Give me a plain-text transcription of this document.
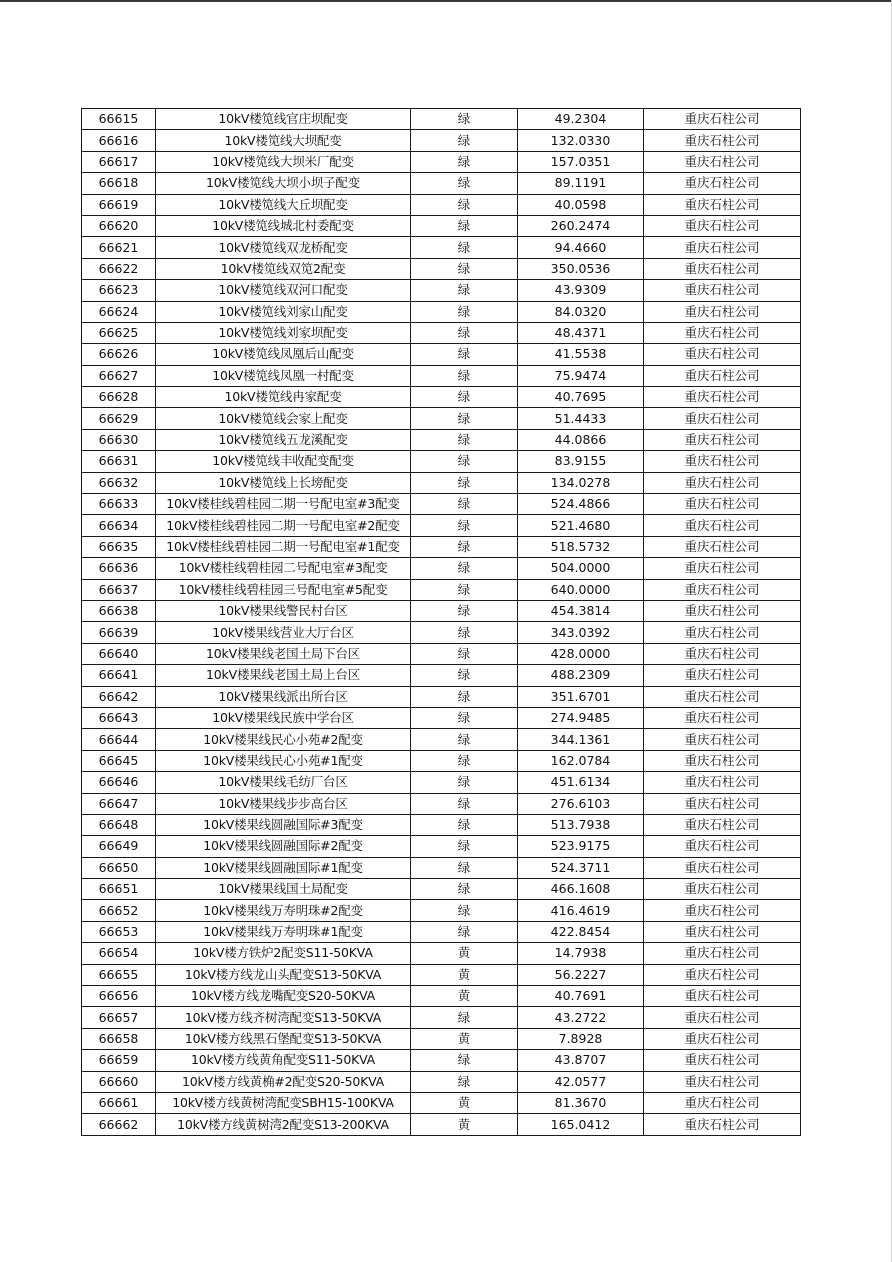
66615	10kV楼笕线官庄坝配变	绿	49.2304	重庆石柱公司
66616	10kV楼笕线大坝配变	绿	132.0330	重庆石柱公司
66617	10kV楼笕线大坝米厂配变	绿	157.0351	重庆石柱公司
66618	10kV楼笕线大坝小坝子配变	绿	89.1191	重庆石柱公司
66619	10kV楼笕线大丘坝配变	绿	40.0598	重庆石柱公司
66620	10kV楼笕线城北村委配变	绿	260.2474	重庆石柱公司
66621	10kV楼笕线双龙桥配变	绿	94.4660	重庆石柱公司
66622	10kV楼笕线双笕2配变	绿	350.0536	重庆石柱公司
66623	10kV楼笕线双河口配变	绿	43.9309	重庆石柱公司
66624	10kV楼笕线刘家山配变	绿	84.0320	重庆石柱公司
66625	10kV楼笕线刘家坝配变	绿	48.4371	重庆石柱公司
66626	10kV楼笕线凤凰后山配变	绿	41.5538	重庆石柱公司
66627	10kV楼笕线凤凰一村配变	绿	75.9474	重庆石柱公司
66628	10kV楼笕线冉家配变	绿	40.7695	重庆石柱公司
66629	10kV楼笕线会家上配变	绿	51.4433	重庆石柱公司
66630	10kV楼笕线五龙溪配变	绿	44.0866	重庆石柱公司
66631	10kV楼笕线丰收配变配变	绿	83.9155	重庆石柱公司
66632	10kV楼笕线上长塝配变	绿	134.0278	重庆石柱公司
66633	10kV楼桂线碧桂园二期一号配电室#3配变	绿	524.4866	重庆石柱公司
66634	10kV楼桂线碧桂园二期一号配电室#2配变	绿	521.4680	重庆石柱公司
66635	10kV楼桂线碧桂园二期一号配电室#1配变	绿	518.5732	重庆石柱公司
66636	10kV楼桂线碧桂园二号配电室#3配变	绿	504.0000	重庆石柱公司
66637	10kV楼桂线碧桂园三号配电室#5配变	绿	640.0000	重庆石柱公司
66638	10kV楼果线警民村台区	绿	454.3814	重庆石柱公司
66639	10kV楼果线营业大厅台区	绿	343.0392	重庆石柱公司
66640	10kV楼果线老国土局下台区	绿	428.0000	重庆石柱公司
66641	10kV楼果线老国土局上台区	绿	488.2309	重庆石柱公司
66642	10kV楼果线派出所台区	绿	351.6701	重庆石柱公司
66643	10kV楼果线民族中学台区	绿	274.9485	重庆石柱公司
66644	10kV楼果线民心小苑#2配变	绿	344.1361	重庆石柱公司
66645	10kV楼果线民心小苑#1配变	绿	162.0784	重庆石柱公司
66646	10kV楼果线毛纺厂台区	绿	451.6134	重庆石柱公司
66647	10kV楼果线步步高台区	绿	276.6103	重庆石柱公司
66648	10kV楼果线圆融国际#3配变	绿	513.7938	重庆石柱公司
66649	10kV楼果线圆融国际#2配变	绿	523.9175	重庆石柱公司
66650	10kV楼果线圆融国际#1配变	绿	524.3711	重庆石柱公司
66651	10kV楼果线国土局配变	绿	466.1608	重庆石柱公司
66652	10kV楼果线万寿明珠#2配变	绿	416.4619	重庆石柱公司
66653	10kV楼果线万寿明珠#1配变	绿	422.8454	重庆石柱公司
66654	10kV楼方铁炉2配变S11-50KVA	黄	14.7938	重庆石柱公司
66655	10kV楼方线龙山头配变S13-50KVA	黄	56.2227	重庆石柱公司
66656	10kV楼方线龙嘴配变S20-50KVA	黄	40.7691	重庆石柱公司
66657	10kV楼方线齐树湾配变S13-50KVA	绿	43.2722	重庆石柱公司
66658	10kV楼方线黑石堡配变S13-50KVA	黄	7.8928	重庆石柱公司
66659	10kV楼方线黄角配变S11-50KVA	绿	43.8707	重庆石柱公司
66660	10kV楼方线黄桷#2配变S20-50KVA	绿	42.0577	重庆石柱公司
66661	10kV楼方线黄树湾配变SBH15-100KVA	黄	81.3670	重庆石柱公司
66662	10kV楼方线黄树湾2配变S13-200KVA	黄	165.0412	重庆石柱公司
